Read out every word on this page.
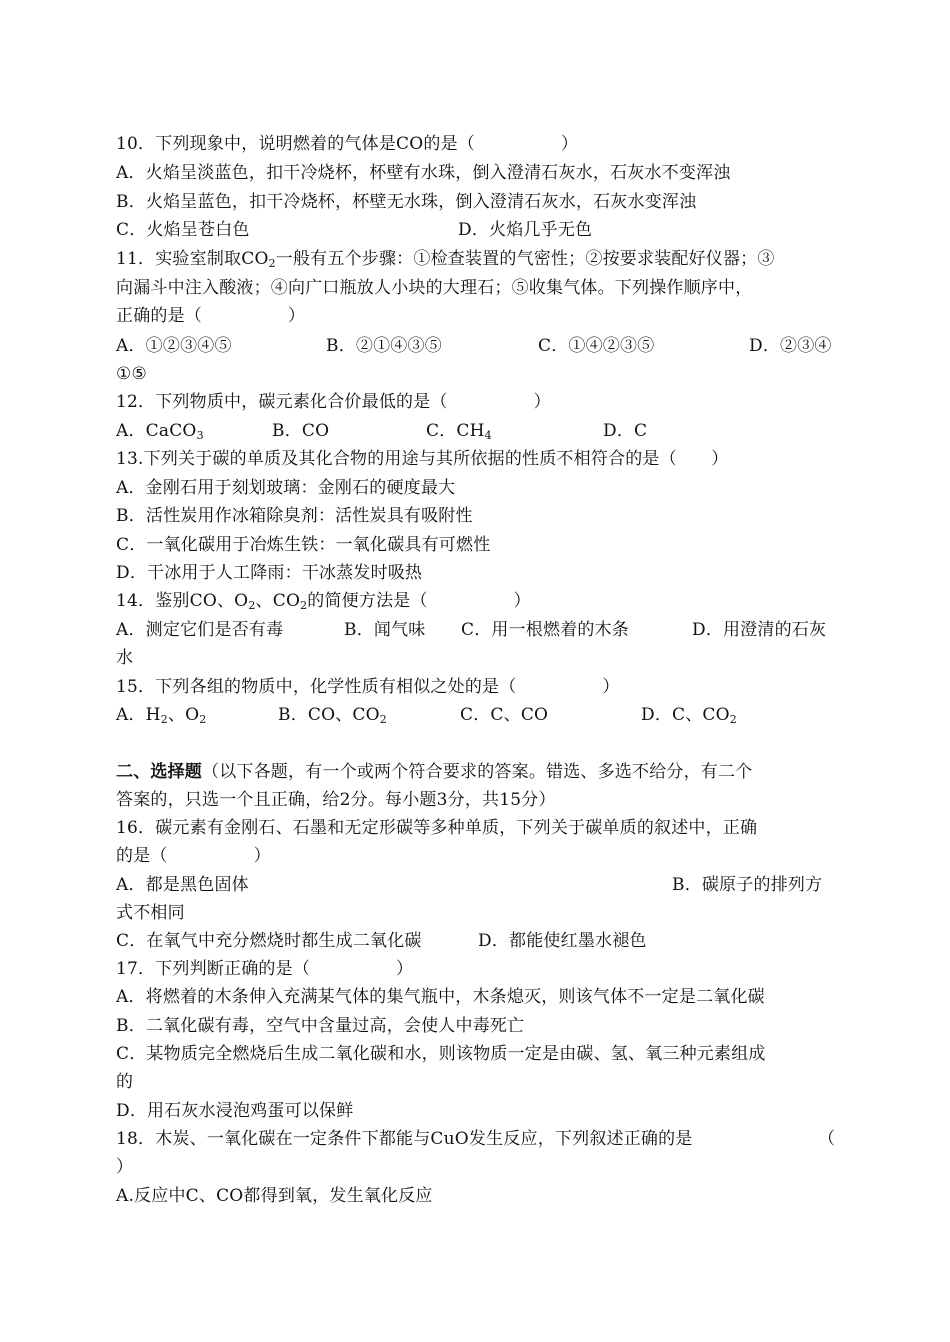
10．下列现象中，说明燃着的气体是CO的是（　　　　　）
A．火焰呈淡蓝色，扣干冷烧杯，杯壁有水珠，倒入澄清石灰水，石灰水不变浑浊
B．火焰呈蓝色，扣干冷烧杯，杯壁无水珠，倒入澄清石灰水，石灰水变浑浊
C．火焰呈苍白色	D．火焰几乎无色
11．实验室制取$CO_2$一般有五个步骤：①检查装置的气密性；②按要求装配好仪器；③
向漏斗中注入酸液；④向广口瓶放人小块的大理石；⑤收集气体。下列操作顺序中，
正确的是（　　　　　）
A．①②③④⑤	B．②①④③⑤	C．①④②③⑤	D．②③④
①⑤
12．下列物质中，碳元素化合价最低的是（　　　　　）
A．CaCO$_3$	B．CO	C．$CH_4$	D．C
13.下列关于碳的单质及其化合物的用途与其所依据的性质不相符合的是（　　）
A．金刚石用于刻划玻璃：金刚石的硬度最大
B．活性炭用作冰箱除臭剂：活性炭具有吸附性
C．一氧化碳用于冶炼生铁：一氧化碳具有可燃性
D．干冰用于人工降雨：干冰蒸发时吸热
14．鉴别CO、$O_2$、$CO_2$的简便方法是（　　　　　）
A．测定它们是否有毒	B．闻气味 C．用一根燃着的木条	D．用澄清的石灰
水
15．下列各组的物质中，化学性质有相似之处的是（　　　　　）
A．$H_2$、$O_2$	B．CO、$CO_2$	C．C、CO	D．C、$CO_2$
二、选择题（以下各题，有一个或两个符合要求的答案。错选、多选不给分，有二个
答案的，只选一个且正确，给2分。每小题3分，共15分）
16．碳元素有金刚石、石墨和无定形碳等多种单质，下列关于碳单质的叙述中，正确
的是（　　　　　）
A．都是黑色固体	B．碳原子的排列方
式不相同
C．在氧气中充分燃烧时都生成二氧化碳	D．都能使红墨水褪色
17．下列判断正确的是（　　　　　）
A．将燃着的木条伸入充满某气体的集气瓶中，木条熄灭，则该气体不一定是二氧化碳
B．二氧化碳有毒，空气中含量过高，会使人中毒死亡
C．某物质完全燃烧后生成二氧化碳和水，则该物质一定是由碳、氢、氧三种元素组成
的
D．用石灰水浸泡鸡蛋可以保鲜
18．木炭、一氧化碳在一定条件下都能与CuO发生反应，下列叙述正确的是	（
）
A.反应中C、CO都得到氧，发生氧化反应
